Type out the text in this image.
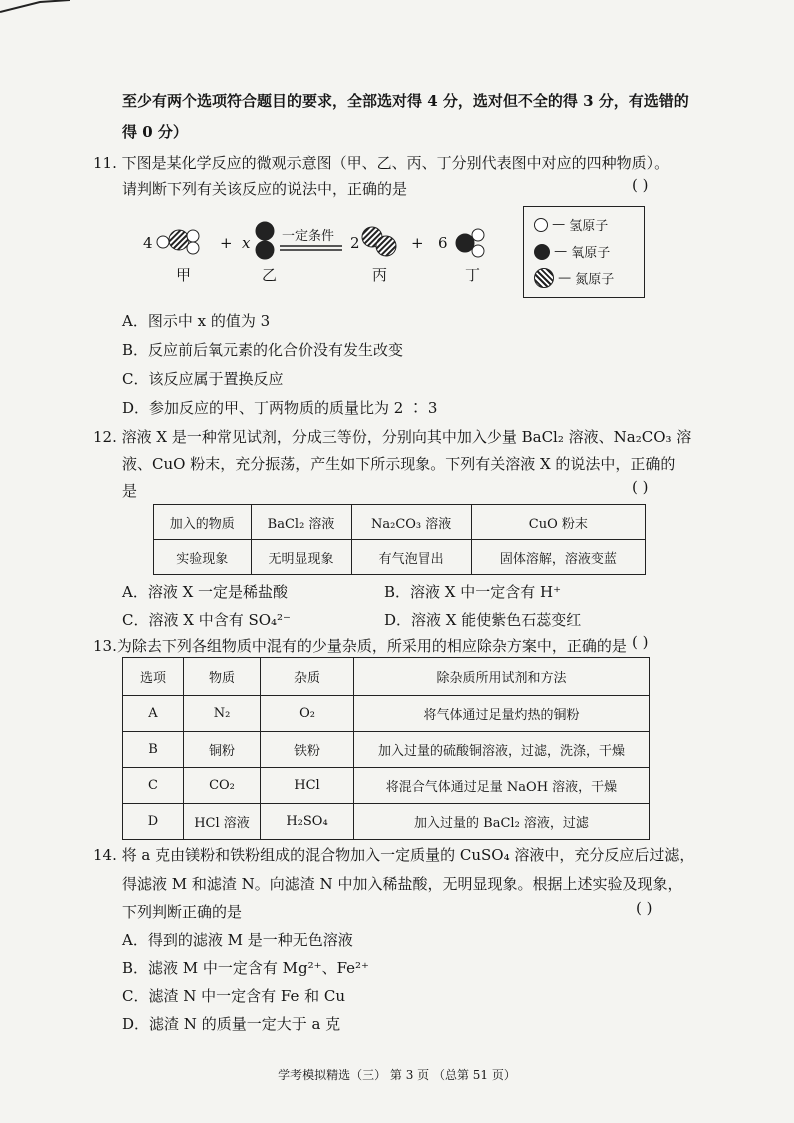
至少有两个选项符合题目的要求，全部选对得 4 分，选对但不全的得 3 分，有选错的
得 0 分）
11. 下图是某化学反应的微观示意图（甲、乙、丙、丁分别代表图中对应的四种物质）。
请判断下列有关该反应的说法中，正确的是	( )
4
甲
+ x
乙
一定条件 2
丙
+ 6
丁
— 氢原子
— 氧原子
— 氮原子
A．图示中 x 的值为 3
B．反应前后氧元素的化合价没有发生改变
C．该反应属于置换反应
D．参加反应的甲、丁两物质的质量比为 2 ∶ 3
12. 溶液 X 是一种常见试剂，分成三等份，分别向其中加入少量 BaCl₂ 溶液、Na₂CO₃ 溶
液、CuO 粉末，充分振荡，产生如下所示现象。下列有关溶液 X 的说法中，正确的
是	( )
加入的物质	BaCl₂ 溶液	Na₂CO₃ 溶液	CuO 粉末
实验现象	无明显现象	有气泡冒出	固体溶解，溶液变蓝
A．溶液 X 一定是稀盐酸	B．溶液 X 中一定含有 H⁺
C．溶液 X 中含有 SO₄²⁻	D．溶液 X 能使紫色石蕊变红
13.为除去下列各组物质中混有的少量杂质，所采用的相应除杂方案中，正确的是 ( )
选项	物质	杂质	除杂质所用试剂和方法
A	N₂	O₂	将气体通过足量灼热的铜粉
B	铜粉	铁粉	加入过量的硫酸铜溶液，过滤，洗涤，干燥
C	CO₂	HCl	将混合气体通过足量 NaOH 溶液，干燥
D	HCl 溶液	H₂SO₄	加入过量的 BaCl₂ 溶液，过滤
14. 将 a 克由镁粉和铁粉组成的混合物加入一定质量的 CuSO₄ 溶液中，充分反应后过滤，
得滤液 M 和滤渣 N。向滤渣 N 中加入稀盐酸，无明显现象。根据上述实验及现象，
下列判断正确的是	( )
A．得到的滤液 M 是一种无色溶液
B．滤液 M 中一定含有 Mg²⁺、Fe²⁺
C．滤渣 N 中一定含有 Fe 和 Cu
D．滤渣 N 的质量一定大于 a 克
学考模拟精选（三） 第 3 页 （总第 51 页）
